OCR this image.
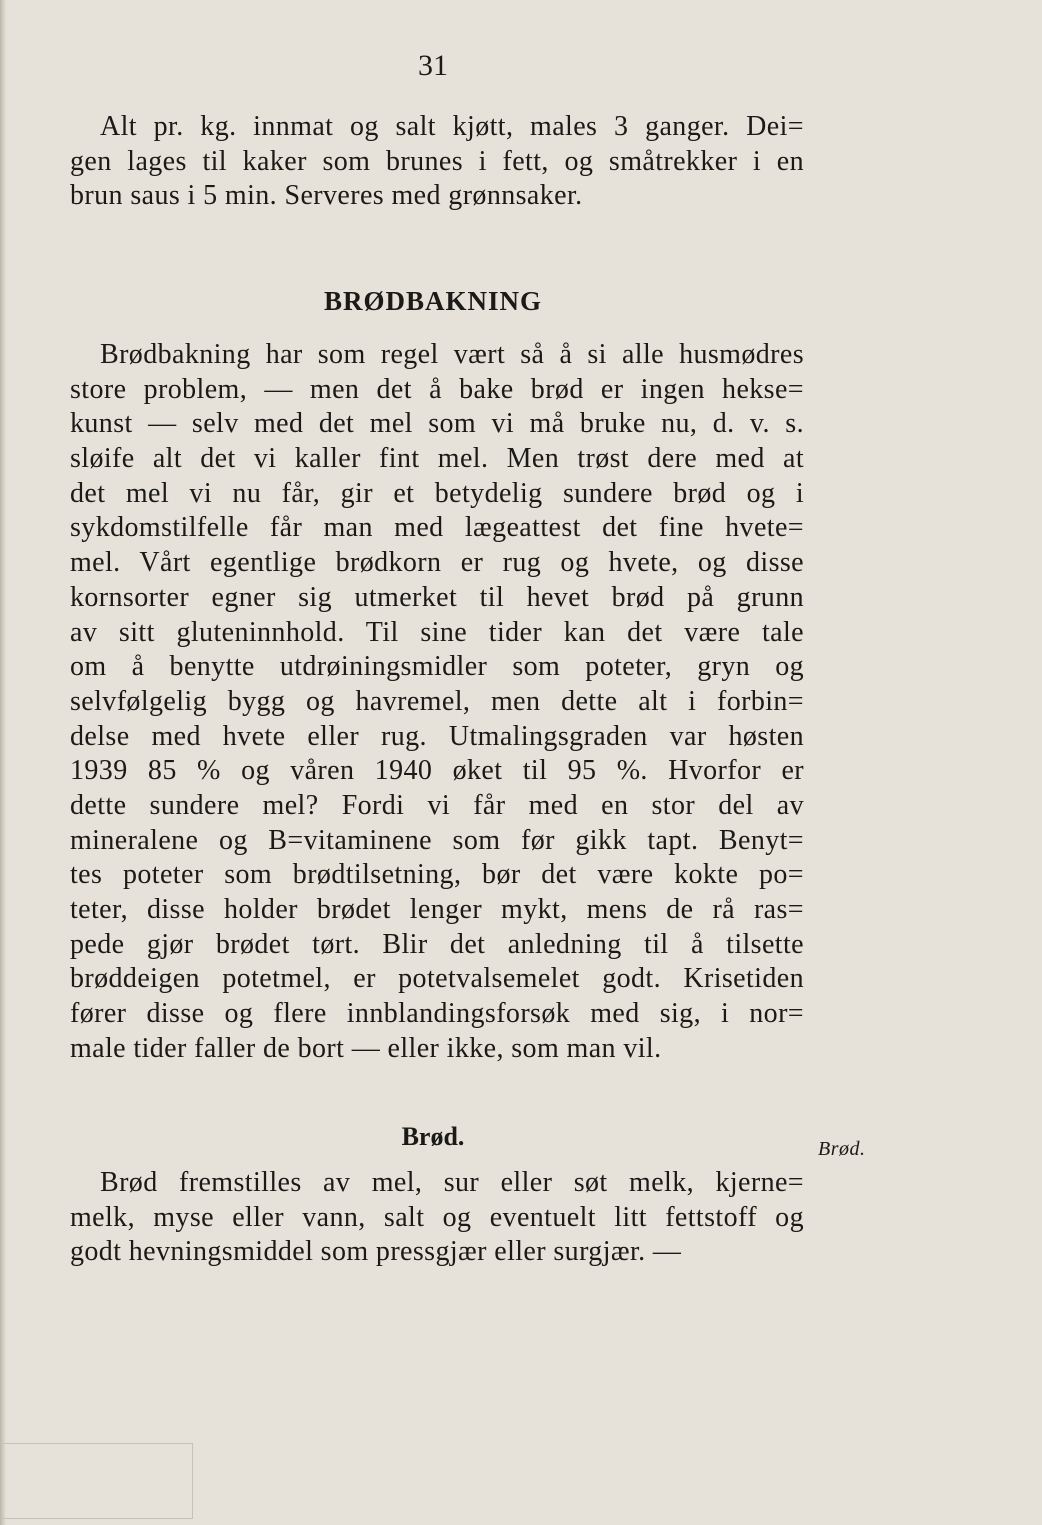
31
Alt pr. kg. innmat og salt kjøtt, males 3 ganger. Dei=
gen lages til kaker som brunes i fett, og småtrekker i en
brun saus i 5 min. Serveres med grønnsaker.
BRØDBAKNING
Brødbakning har som regel vært så å si alle husmødres
store problem, — men det å bake brød er ingen hekse=
kunst — selv med det mel som vi må bruke nu, d. v. s.
sløife alt det vi kaller fint mel. Men trøst dere med at
det mel vi nu får, gir et betydelig sundere brød og i
sykdomstilfelle får man med lægeattest det fine hvete=
mel. Vårt egentlige brødkorn er rug og hvete, og disse
kornsorter egner sig utmerket til hevet brød på grunn
av sitt gluteninnhold. Til sine tider kan det være tale
om å benytte utdrøiningsmidler som poteter, gryn og
selvfølgelig bygg og havremel, men dette alt i forbin=
delse med hvete eller rug. Utmalingsgraden var høsten
1939 85 % og våren 1940 øket til 95 %. Hvorfor er
dette sundere mel? Fordi vi får med en stor del av
mineralene og B=vitaminene som før gikk tapt. Benyt=
tes poteter som brødtilsetning, bør det være kokte po=
teter, disse holder brødet lenger mykt, mens de rå ras=
pede gjør brødet tørt. Blir det anledning til å tilsette
brøddeigen potetmel, er potetvalsemelet godt. Krisetiden
fører disse og flere innblandingsforsøk med sig, i nor=
male tider faller de bort — eller ikke, som man vil.
Brød.	Brød.
Brød fremstilles av mel, sur eller søt melk, kjerne=
melk, myse eller vann, salt og eventuelt litt fettstoff og
godt hevningsmiddel som pressgjær eller surgjær. —
